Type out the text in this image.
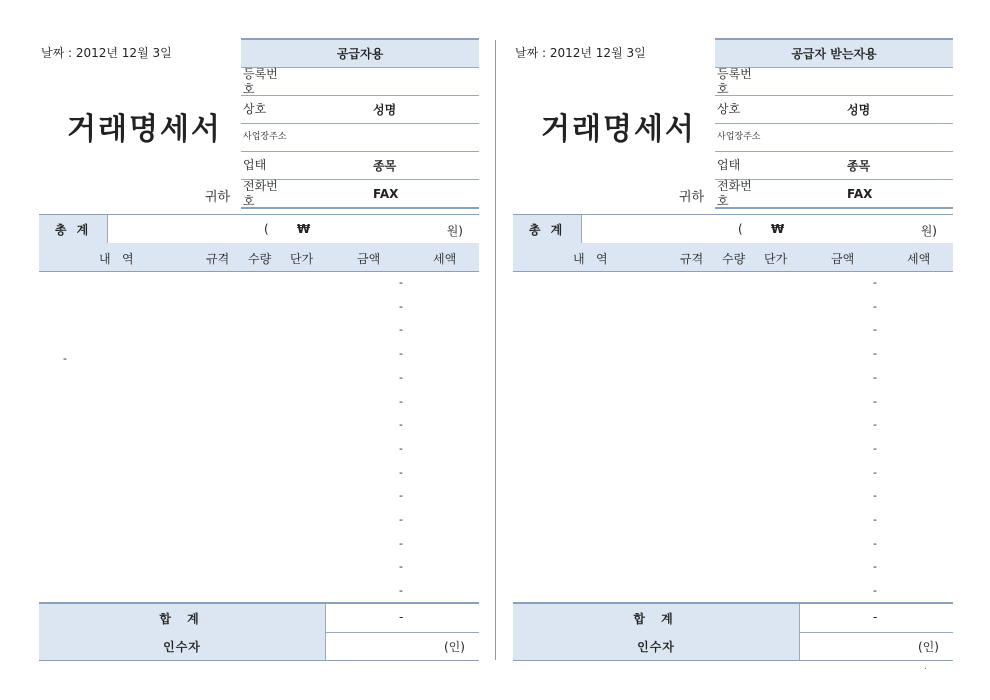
날짜 : 2012년 12월 3일
거래명세서
귀하
공급자용
등록번
호
상호	성명
사업장주소
업태	종목
전화번
호
FAX
총 계	( ₩	원)
내 역	규격 수량 단가	금액	세액
-
-
-
-
-
-
-
-
-
-
-
-
-
-
-
합 계	-
인수자	(인)
날짜 : 2012년 12월 3일
거래명세서
귀하
공급자 받는자용
등록번
호
상호	성명
사업장주소
업태	종목
전화번
호
FAX
총 계	( ₩	원)
내 역	규격 수량 단가	금액	세액
-
-
-
-
-
-
-
-
-
-
-
-
-
-
합 계	-
인수자	(인)
.
